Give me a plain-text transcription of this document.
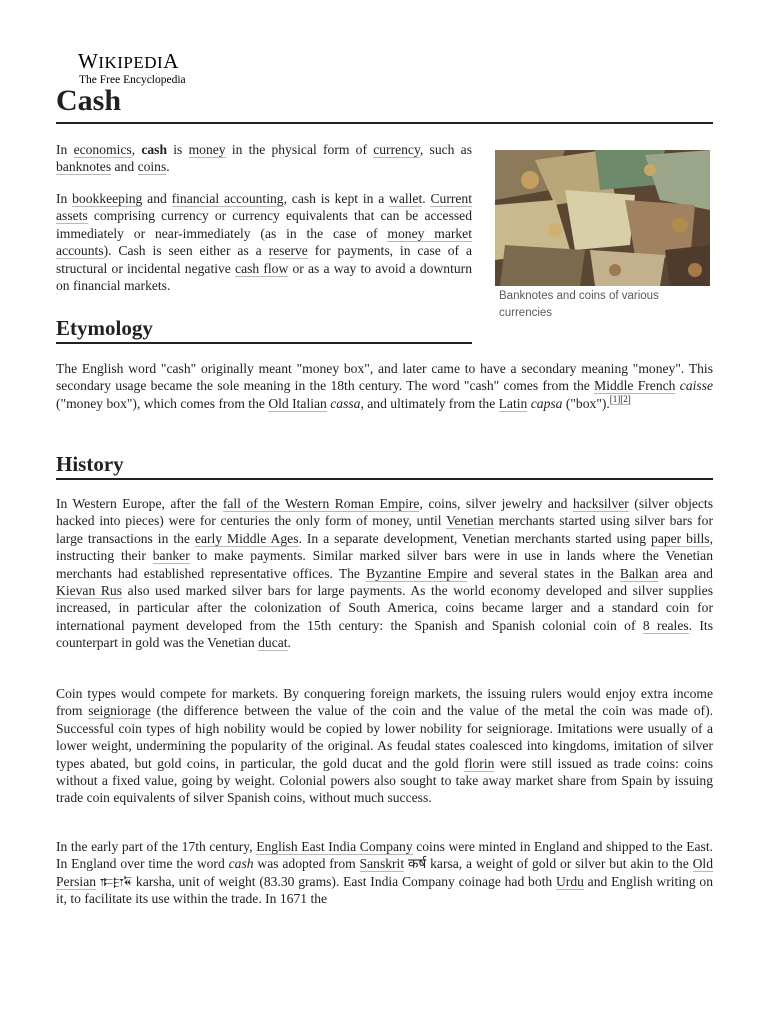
WIKIPEDIA
The Free Encyclopedia
Cash
In economics, cash is money in the physical form of currency, such as banknotes and coins.
In bookkeeping and financial accounting, cash is kept in a wallet. Current assets comprising currency or currency equivalents that can be accessed immediately or near-immediately (as in the case of money market accounts). Cash is seen either as a reserve for payments, in case of a structural or incidental negative cash flow or as a way to avoid a downturn on financial markets.
Banknotes and coins of various currencies
Etymology
The English word "cash" originally meant "money box", and later came to have a secondary meaning "money". This secondary usage became the sole meaning in the 18th century. The word "cash" comes from the Middle French caisse ("money box"), which comes from the Old Italian cassa, and ultimately from the Latin capsa ("box").[1][2]
History
In Western Europe, after the fall of the Western Roman Empire, coins, silver jewelry and hacksilver (silver objects hacked into pieces) were for centuries the only form of money, until Venetian merchants started using silver bars for large transactions in the early Middle Ages. In a separate development, Venetian merchants started using paper bills, instructing their banker to make payments. Similar marked silver bars were in use in lands where the Venetian merchants had established representative offices. The Byzantine Empire and several states in the Balkan area and Kievan Rus also used marked silver bars for large payments. As the world economy developed and silver supplies increased, in particular after the colonization of South America, coins became larger and a standard coin for international payment developed from the 15th century: the Spanish and Spanish colonial coin of 8 reales. Its counterpart in gold was the Venetian ducat.
Coin types would compete for markets. By conquering foreign markets, the issuing rulers would enjoy extra income from seigniorage (the difference between the value of the coin and the value of the metal the coin was made of). Successful coin types of high nobility would be copied by lower nobility for seigniorage. Imitations were usually of a lower weight, undermining the popularity of the original. As feudal states coalesced into kingdoms, imitation of silver types abated, but gold coins, in particular, the gold ducat and the gold florin were still issued as trade coins: coins without a fixed value, going by weight. Colonial powers also sought to take away market share from Spain by issuing trade coin equivalents of silver Spanish coins, without much success.
In the early part of the 17th century, English East India Company coins were minted in England and shipped to the East. In England over time the word cash was adopted from Sanskrit कर्ष karsa, a weight of gold or silver but akin to the Old Persian 𐎣𐎼𐏁 karsha, unit of weight (83.30 grams). East India Company coinage had both Urdu and English writing on it, to facilitate its use within the trade. In 1671 the
